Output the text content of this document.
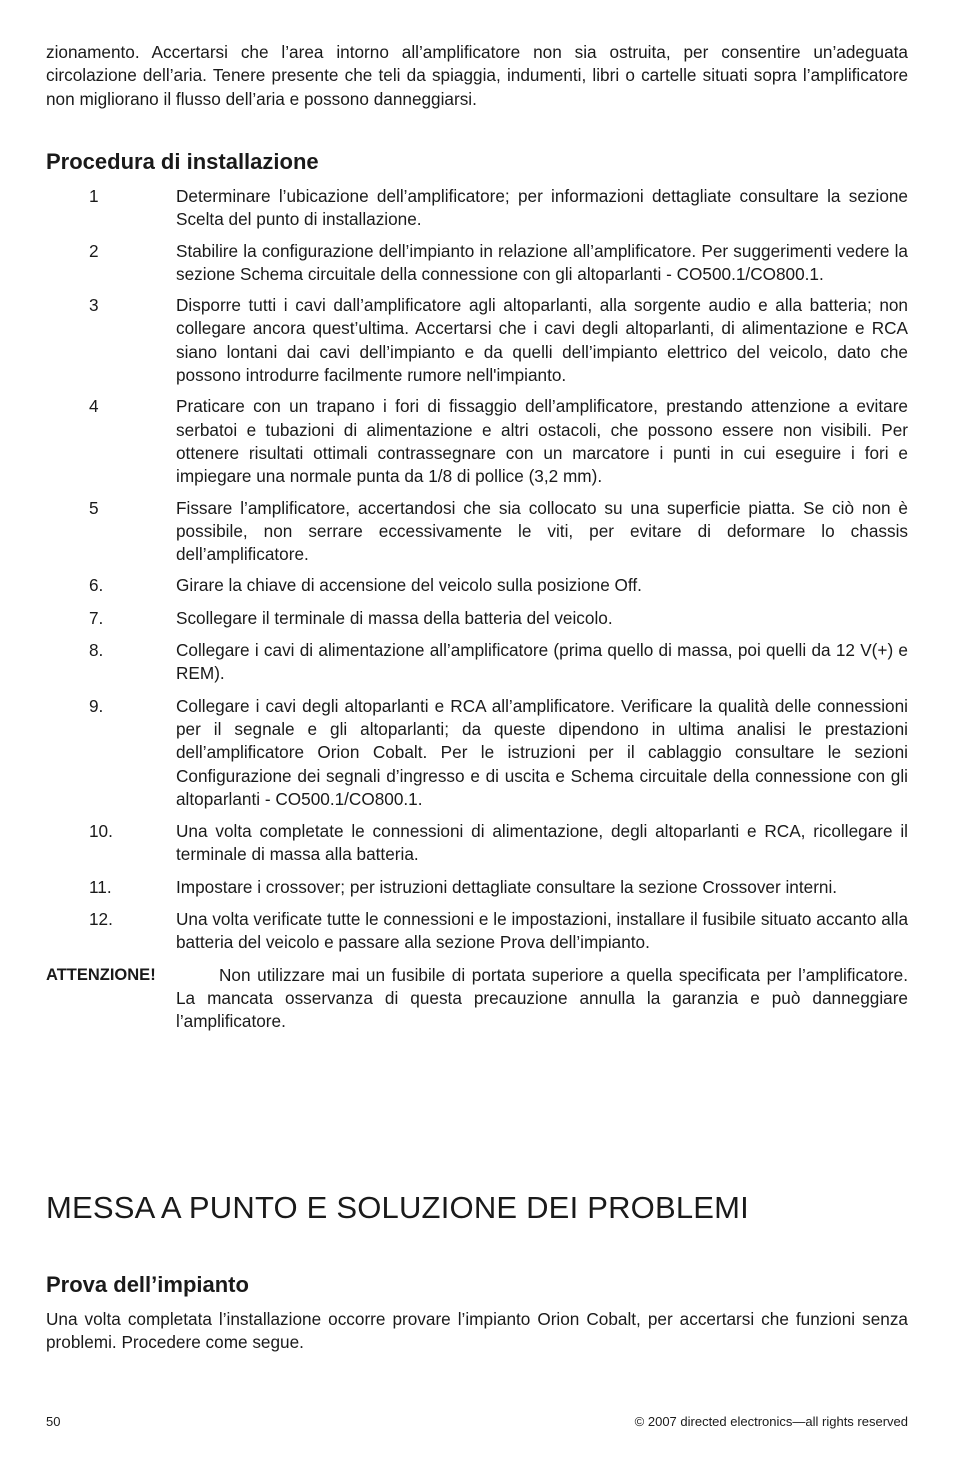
zionamento. Accertarsi che l’area intorno all’amplificatore non sia ostruita, per consentire un’adeguata circolazione dell’aria. Tenere presente che teli da spiaggia, indumenti, libri o cartelle situati sopra l’amplificatore non migliorano il flusso dell’aria e possono danneggiarsi.

Procedura di installazione
1	Determinare l’ubicazione dell’amplificatore; per informazioni dettagliate consultare la sezione Scelta del punto di installazione.
2	Stabilire la configurazione dell’impianto in relazione all’amplificatore. Per suggerimenti vedere la sezione Schema circuitale della connessione con gli altoparlanti - CO500.1/CO800.1.
3	Disporre tutti i cavi dall’amplificatore agli altoparlanti, alla sorgente audio e alla batteria; non collegare ancora quest’ultima. Accertarsi che i cavi degli altoparlanti, di alimentazione e RCA siano lontani dai cavi dell’impianto e da quelli dell’impianto elettrico del veicolo, dato che possono introdurre facilmente rumore nell'impianto.
4	Praticare con un trapano i fori di fissaggio dell’amplificatore, prestando attenzione a evitare serbatoi e tubazioni di alimentazione e altri ostacoli, che possono essere non visibili. Per ottenere risultati ottimali contrassegnare con un marcatore i punti in cui eseguire i fori e impiegare una normale punta da 1/8 di pollice (3,2 mm).
5	Fissare l’amplificatore, accertandosi che sia collocato su una superficie piatta. Se ciò non è possibile, non serrare eccessivamente le viti, per evitare di deformare lo chassis dell’amplificatore.
6.	Girare la chiave di accensione del veicolo sulla posizione Off.
7.	Scollegare il terminale di massa della batteria del veicolo.
8.	Collegare i cavi di alimentazione all’amplificatore (prima quello di massa, poi quelli da 12 V(+) e REM).
9.	Collegare i cavi degli altoparlanti e RCA all’amplificatore. Verificare la qualità delle connessioni per il segnale e gli altoparlanti; da queste dipendono in ultima analisi le prestazioni dell’amplificatore Orion Cobalt. Per le istruzioni per il cablaggio consultare le sezioni Configurazione dei segnali d’ingresso e di uscita e Schema circuitale della connessione con gli altoparlanti - CO500.1/CO800.1.
10.	Una volta completate le connessioni di alimentazione, degli altoparlanti e RCA, ricollegare il terminale di massa alla batteria.
11.	Impostare i crossover; per istruzioni dettagliate consultare la sezione Crossover interni.
12.	Una volta verificate tutte le connessioni e le impostazioni, installare il fusibile situato accanto alla batteria del veicolo e passare alla sezione Prova dell’impianto.
ATTENZIONE!	Non utilizzare mai un fusibile di portata superiore a quella specificata per l’amplificatore. La mancata osservanza di questa precauzione annulla la garanzia e può danneggiare l’amplificatore.
MESSA A PUNTO E SOLUZIONE DEI PROBLEMI
Prova dell’impianto

Una volta completata l’installazione occorre provare l’impianto Orion Cobalt, per accertarsi che funzioni senza problemi. Procedere come segue.

50	© 2007 directed electronics—all rights reserved
